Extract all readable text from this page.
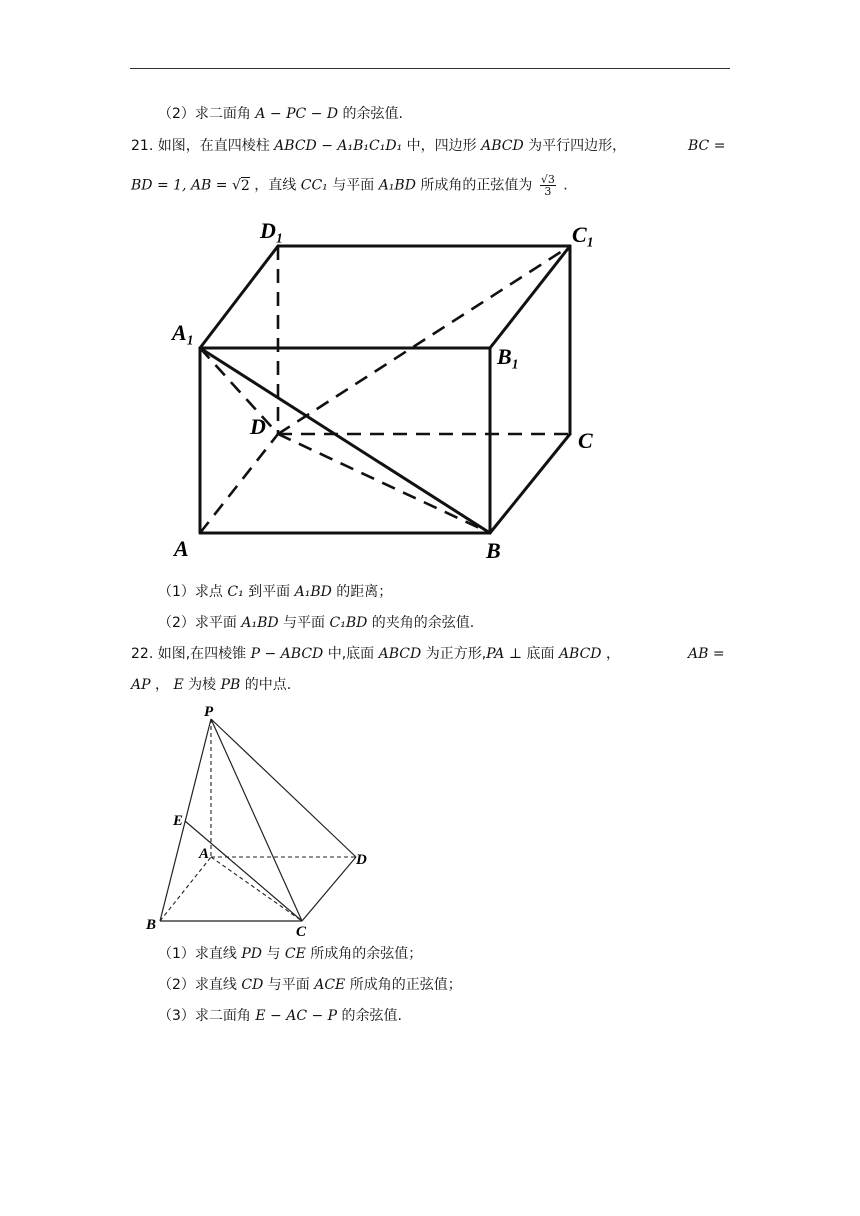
（2）求二面角 A − PC − D 的余弦值.
21. 如图，在直四棱柱 ABCD − A₁B₁C₁D₁ 中，四边形 ABCD 为平行四边形，	BC =
BD = 1, AB = √2 ，直线 CC₁ 与平面 A₁BD 所成角的正弦值为 $\frac{√3}{3}$ .
D₁	C₁
A₁
B₁
D
C
A	B
（1）求点 C₁ 到平面 A₁BD 的距离；
（2）求平面 A₁BD 与平面 C₁BD 的夹角的余弦值.
22. 如图,在四棱锥 P − ABCD 中,底面 ABCD 为正方形,PA ⊥ 底面 ABCD ，	AB =
AP ， E 为棱 PB 的中点.
P
E
A	D
B	C
（1）求直线 PD 与 CE 所成角的余弦值；
（2）求直线 CD 与平面 ACE 所成角的正弦值；
（3）求二面角 E − AC − P 的余弦值.
